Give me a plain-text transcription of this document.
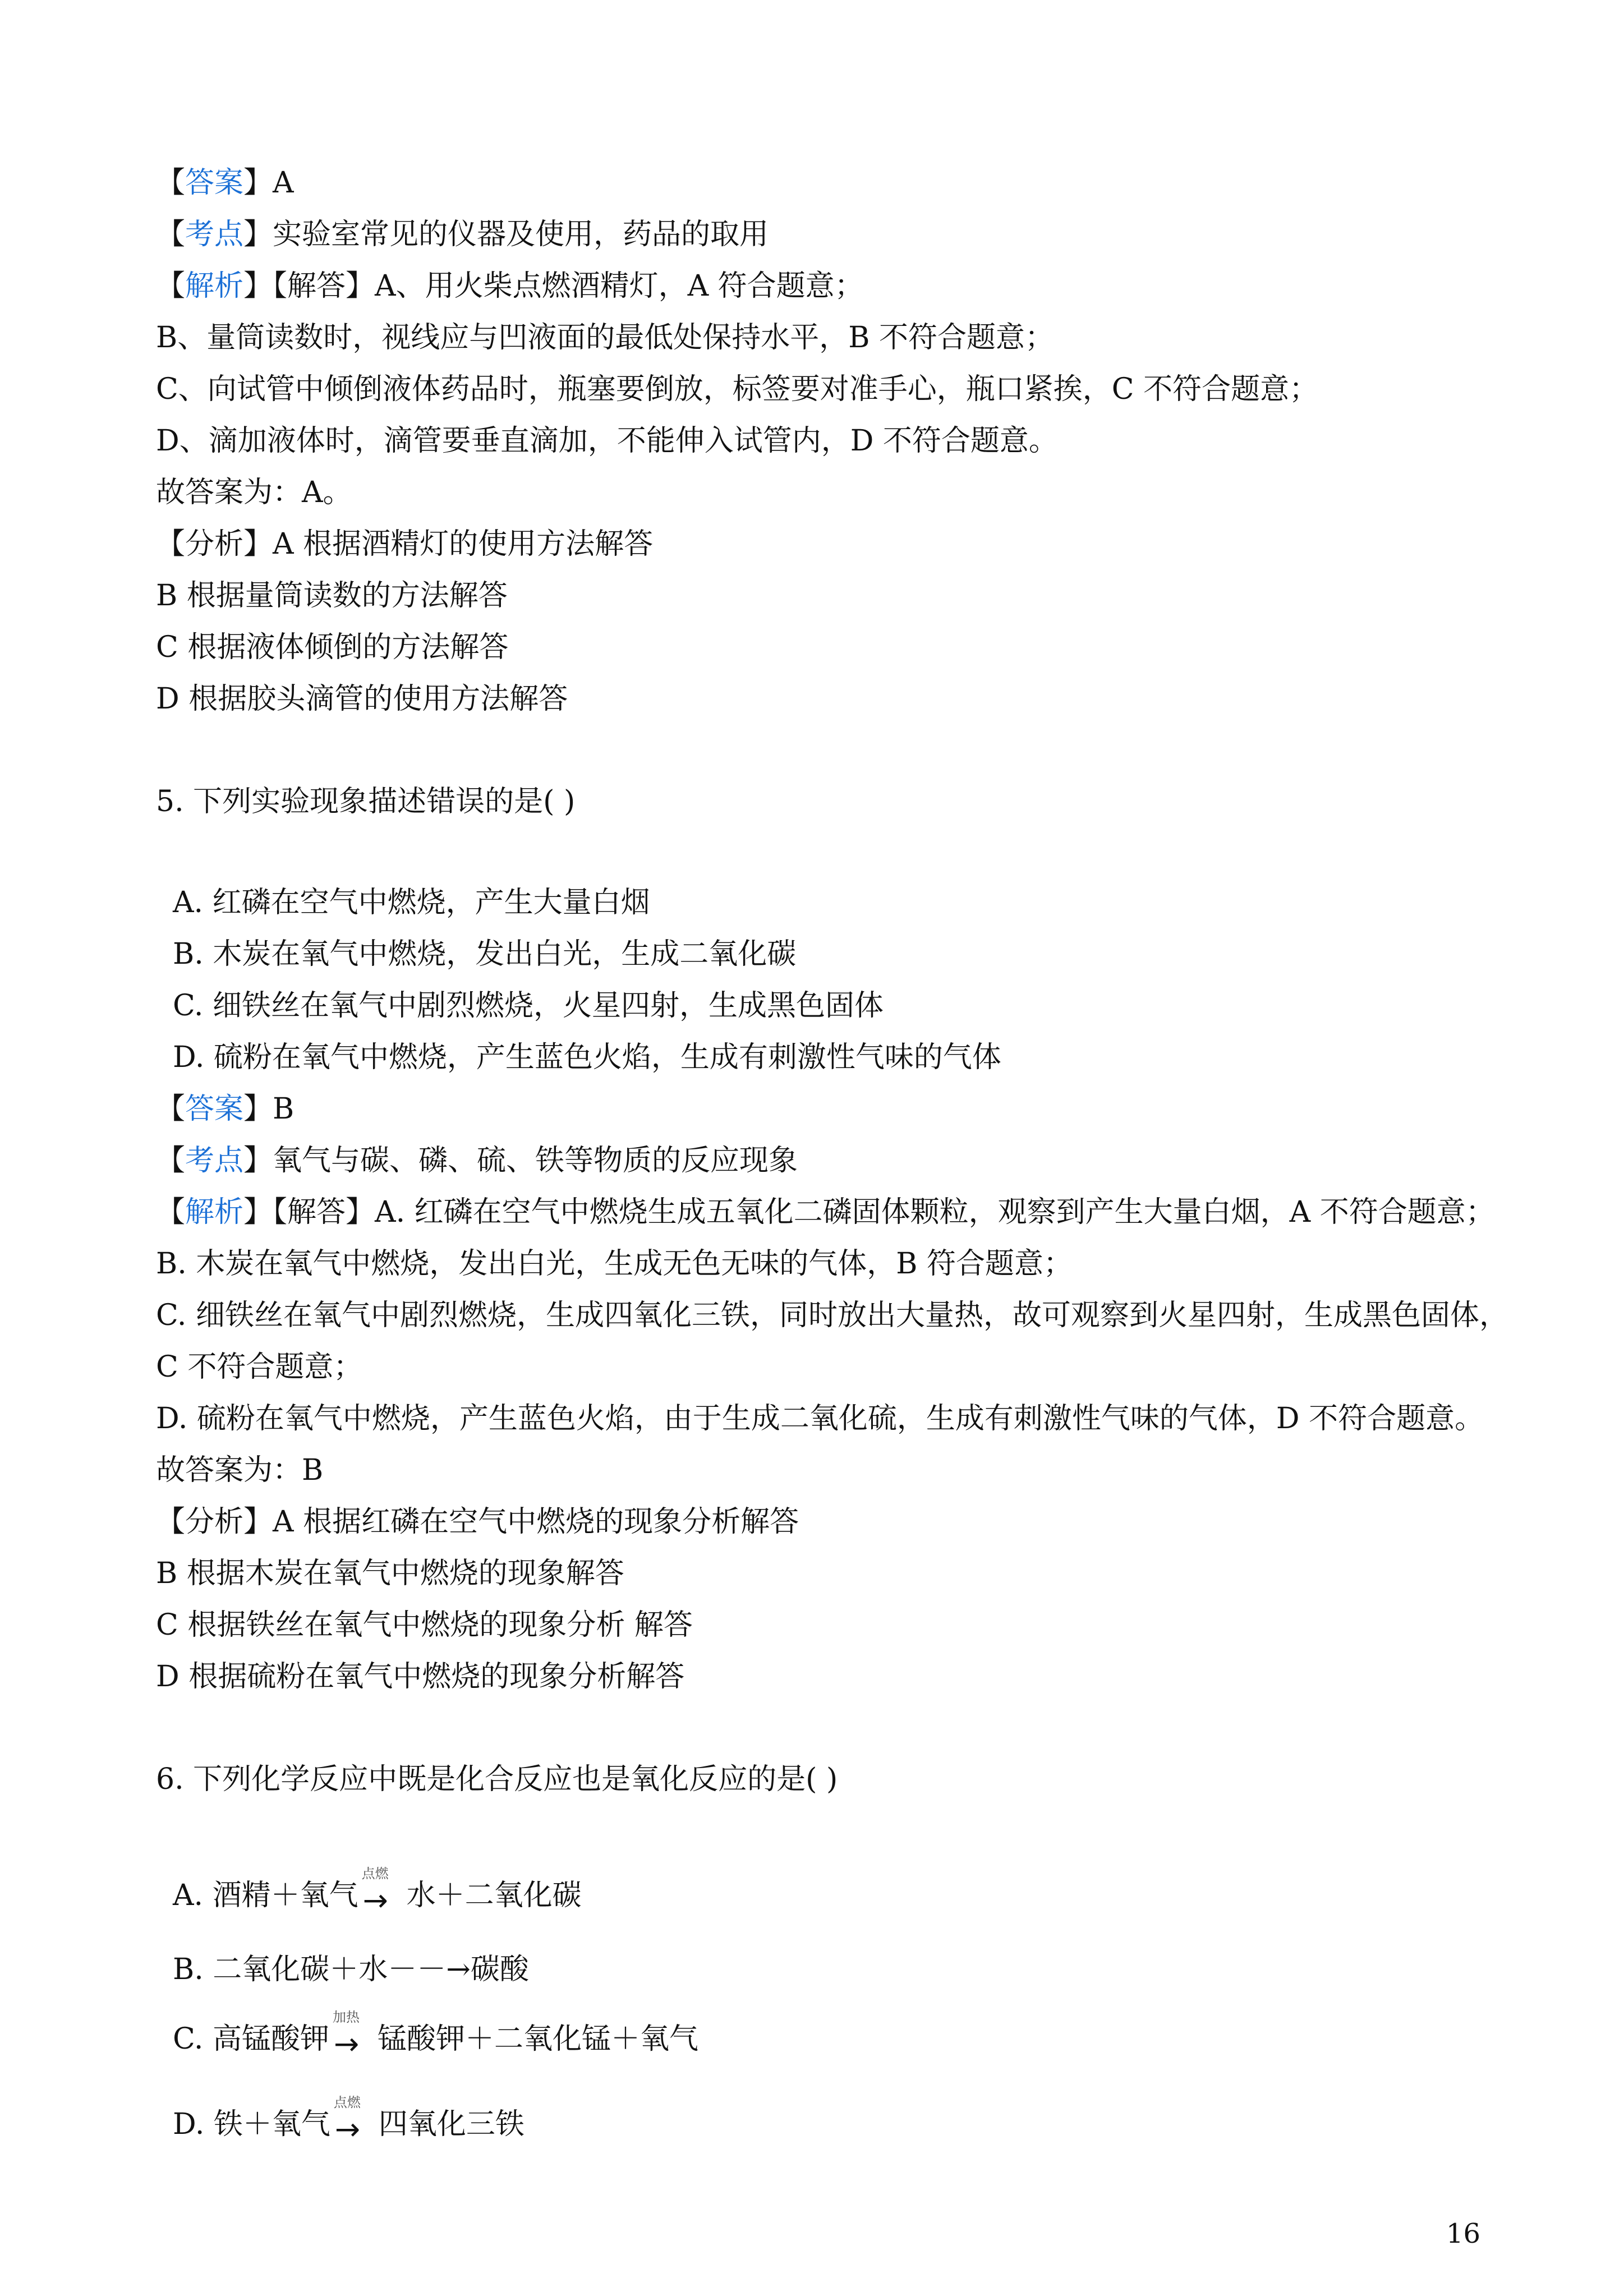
【答案】A
【考点】实验室常见的仪器及使用，药品的取用
【解析】【解答】A、用火柴点燃酒精灯，A 符合题意；
B、量筒读数时，视线应与凹液面的最低处保持水平，B 不符合题意；
C、向试管中倾倒液体药品时，瓶塞要倒放，标签要对准手心，瓶口紧挨，C 不符合题意；
D、滴加液体时，滴管要垂直滴加，不能伸入试管内，D 不符合题意。
故答案为：A。
【分析】A 根据酒精灯的使用方法解答
B 根据量筒读数的方法解答
C 根据液体倾倒的方法解答
D 根据胶头滴管的使用方法解答
5. 下列实验现象描述错误的是( )
A. 红磷在空气中燃烧，产生大量白烟
B. 木炭在氧气中燃烧，发出白光，生成二氧化碳
C. 细铁丝在氧气中剧烈燃烧，火星四射，生成黑色固体
D. 硫粉在氧气中燃烧，产生蓝色火焰，生成有刺激性气味的气体
【答案】B
【考点】氧气与碳、磷、硫、铁等物质的反应现象
【解析】【解答】A. 红磷在空气中燃烧生成五氧化二磷固体颗粒，观察到产生大量白烟，A 不符合题意；
B. 木炭在氧气中燃烧，发出白光，生成无色无味的气体，B 符合题意；
C. 细铁丝在氧气中剧烈燃烧，生成四氧化三铁，同时放出大量热，故可观察到火星四射，生成黑色固体，
C 不符合题意；
D. 硫粉在氧气中燃烧，产生蓝色火焰，由于生成二氧化硫，生成有刺激性气味的气体，D 不符合题意。
故答案为：B
【分析】A 根据红磷在空气中燃烧的现象分析解答
B 根据木炭在氧气中燃烧的现象解答
C 根据铁丝在氧气中燃烧的现象分析 解答
D 根据硫粉在氧气中燃烧的现象分析解答
6. 下列化学反应中既是化合反应也是氧化反应的是( )
A. 酒精＋氧气
点燃
→ 水＋二氧化碳
B. 二氧化碳＋水－－→碳酸
C. 高锰酸钾
加热
→ 锰酸钾＋二氧化锰＋氧气
D. 铁＋氧气
点燃
→ 四氧化三铁
16
